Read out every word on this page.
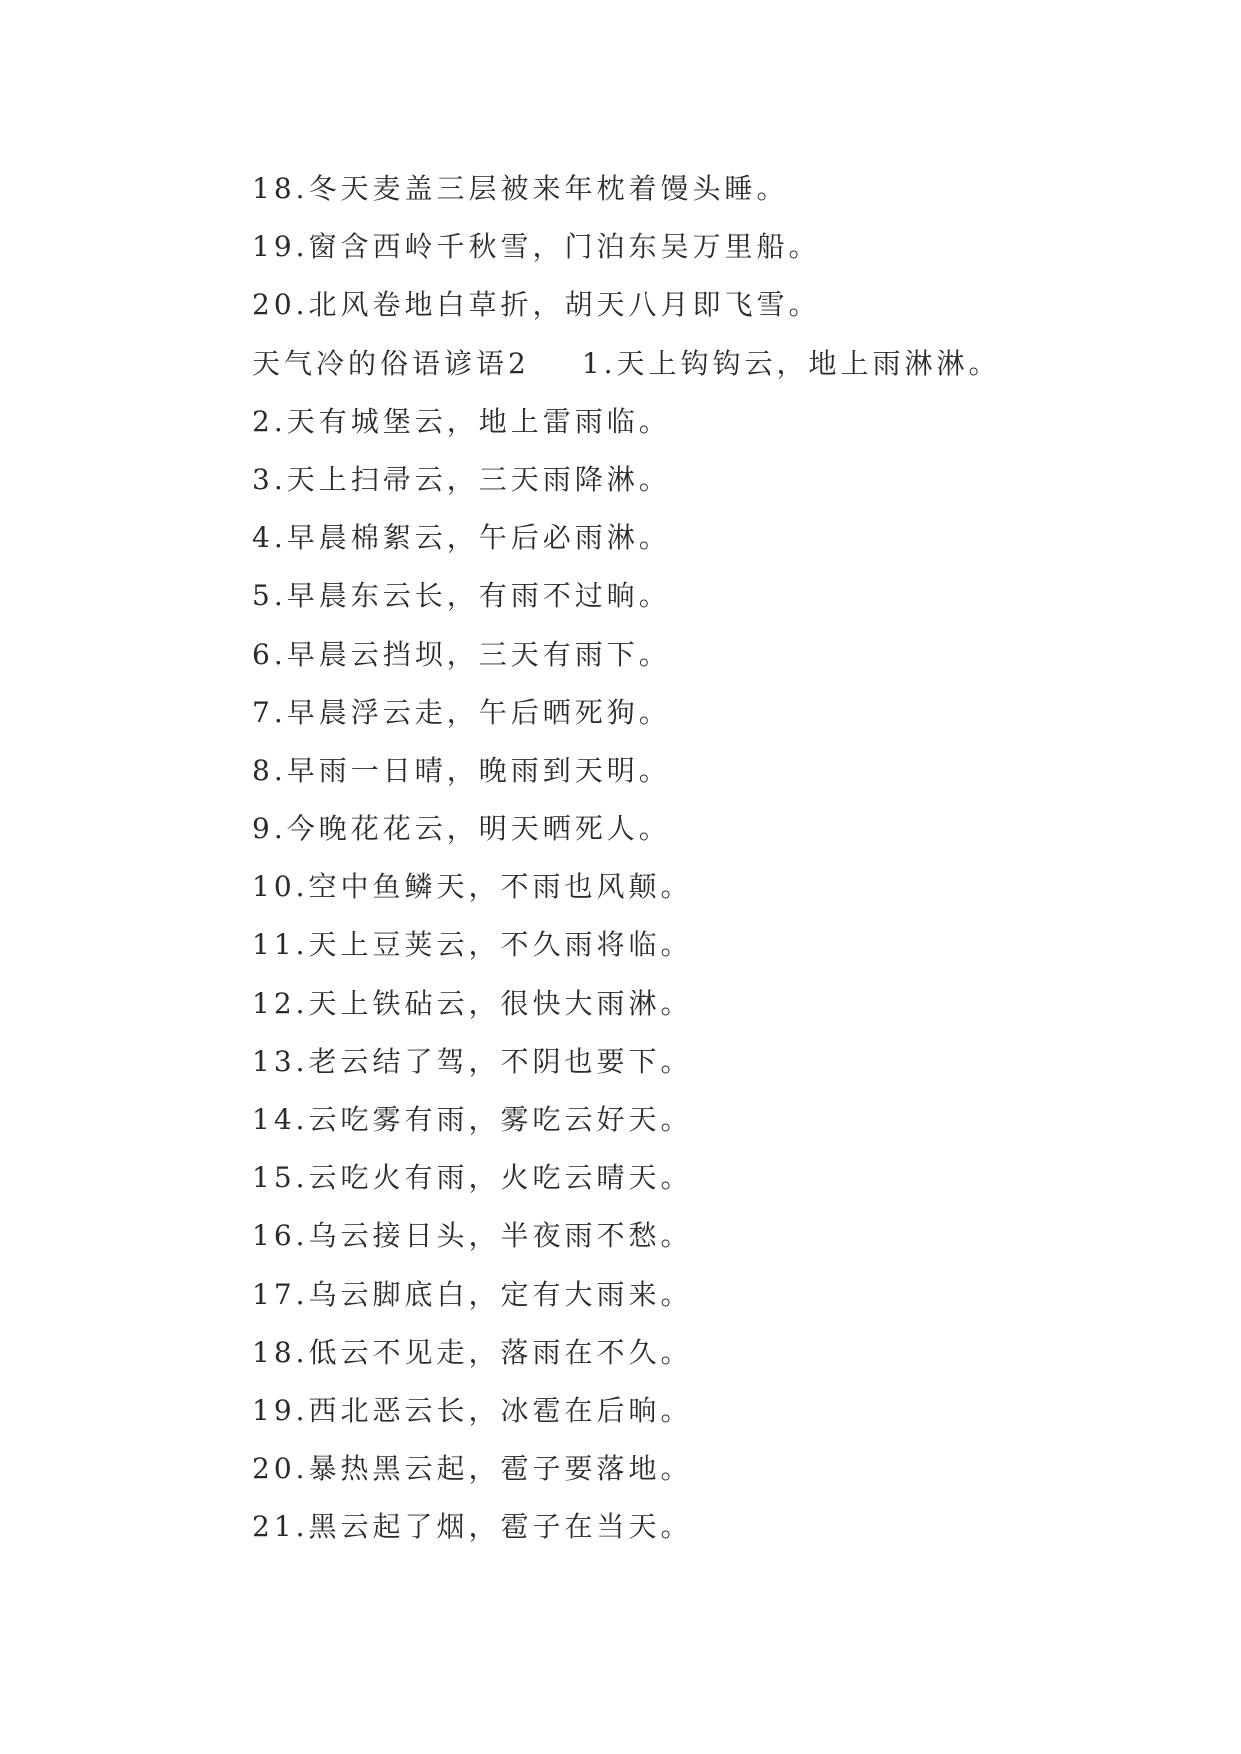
18.冬天麦盖三层被来年枕着馒头睡。
19.窗含西岭千秋雪，门泊东吴万里船。
20.北风卷地白草折，胡天八月即飞雪。
天气冷的俗语谚语2 1.天上钩钩云，地上雨淋淋。
2.天有城堡云，地上雷雨临。
3.天上扫帚云，三天雨降淋。
4.早晨棉絮云，午后必雨淋。
5.早晨东云长，有雨不过晌。
6.早晨云挡坝，三天有雨下。
7.早晨浮云走，午后晒死狗。
8.早雨一日晴，晚雨到天明。
9.今晚花花云，明天晒死人。
10.空中鱼鳞天，不雨也风颠。
11.天上豆荚云，不久雨将临。
12.天上铁砧云，很快大雨淋。
13.老云结了驾，不阴也要下。
14.云吃雾有雨，雾吃云好天。
15.云吃火有雨，火吃云晴天。
16.乌云接日头，半夜雨不愁。
17.乌云脚底白，定有大雨来。
18.低云不见走，落雨在不久。
19.西北恶云长，冰雹在后晌。
20.暴热黑云起，雹子要落地。
21.黑云起了烟，雹子在当天。
